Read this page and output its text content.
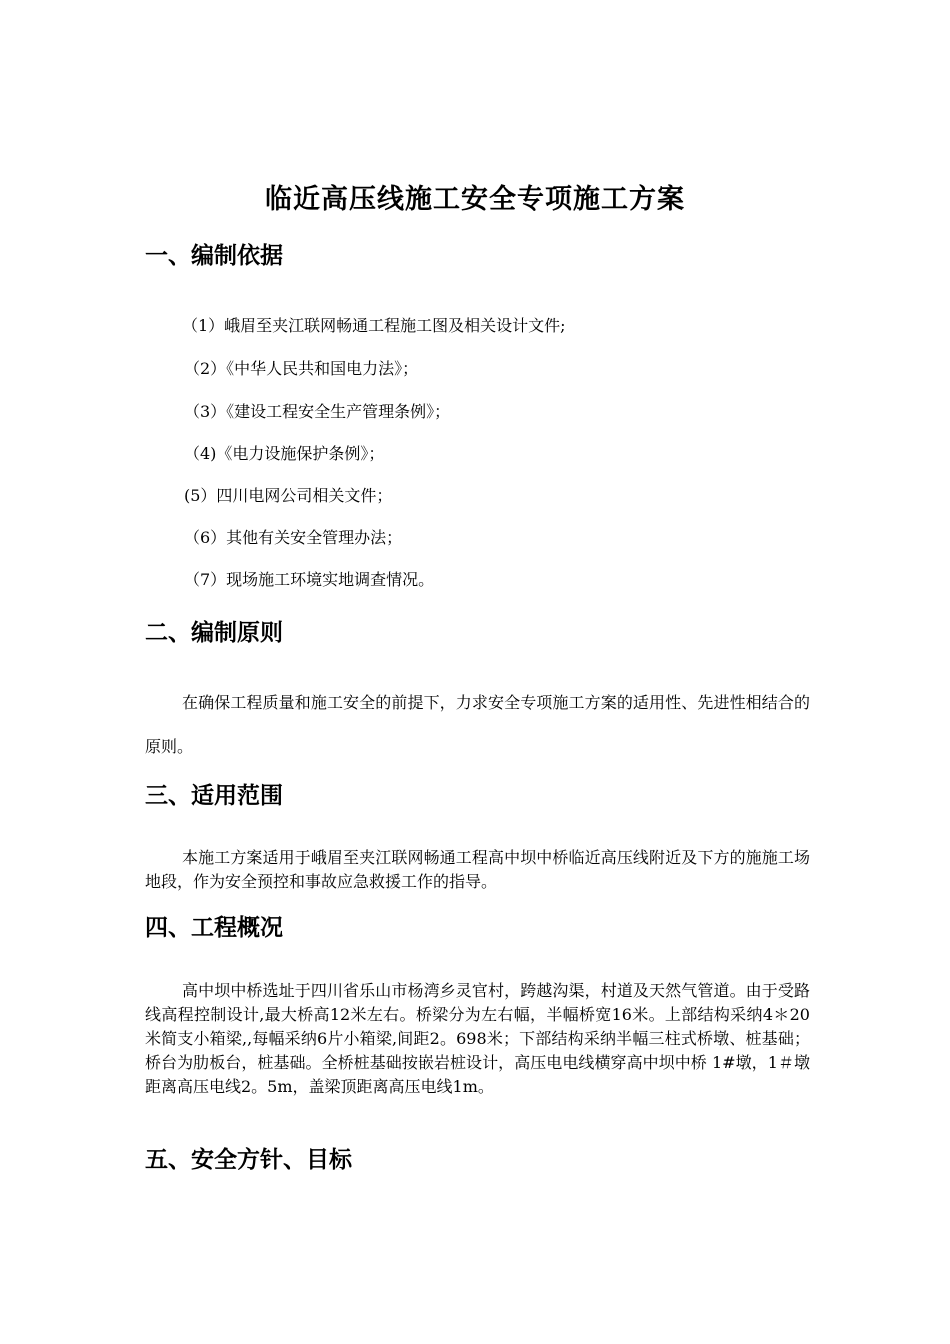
临近高压线施工安全专项施工方案
一、编制依据
（1）峨眉至夹江联网畅通工程施工图及相关设计文件;
（2）《中华人民共和国电力法》；
（3）《建设工程安全生产管理条例》；
（4)《电力设施保护条例》；
(5）四川电网公司相关文件；
（6）其他有关安全管理办法；
（7）现场施工环境实地调查情况。
二、编制原则

在确保工程质量和施工安全的前提下，力求安全专项施工方案的适用性、先进性相结合的原则。

三、适用范围

本施工方案适用于峨眉至夹江联网畅通工程高中坝中桥临近高压线附近及下方的施施工场地段，作为安全预控和事故应急救援工作的指导。

四、工程概况

高中坝中桥选址于四川省乐山市杨湾乡灵官村，跨越沟渠，村道及天然气管道。由于受路线高程控制设计,最大桥高12米左右。桥梁分为左右幅，半幅桥宽16米。上部结构采纳4＊20米简支小箱梁,,每幅采纳6片小箱梁,间距2。698米；下部结构采纳半幅三柱式桥墩、桩基础；桥台为肋板台，桩基础。全桥桩基础按嵌岩桩设计，高压电电线横穿高中坝中桥 1#墩，1＃墩距离高压电线2。5m，盖梁顶距离高压电线1m。

五、安全方针、目标
